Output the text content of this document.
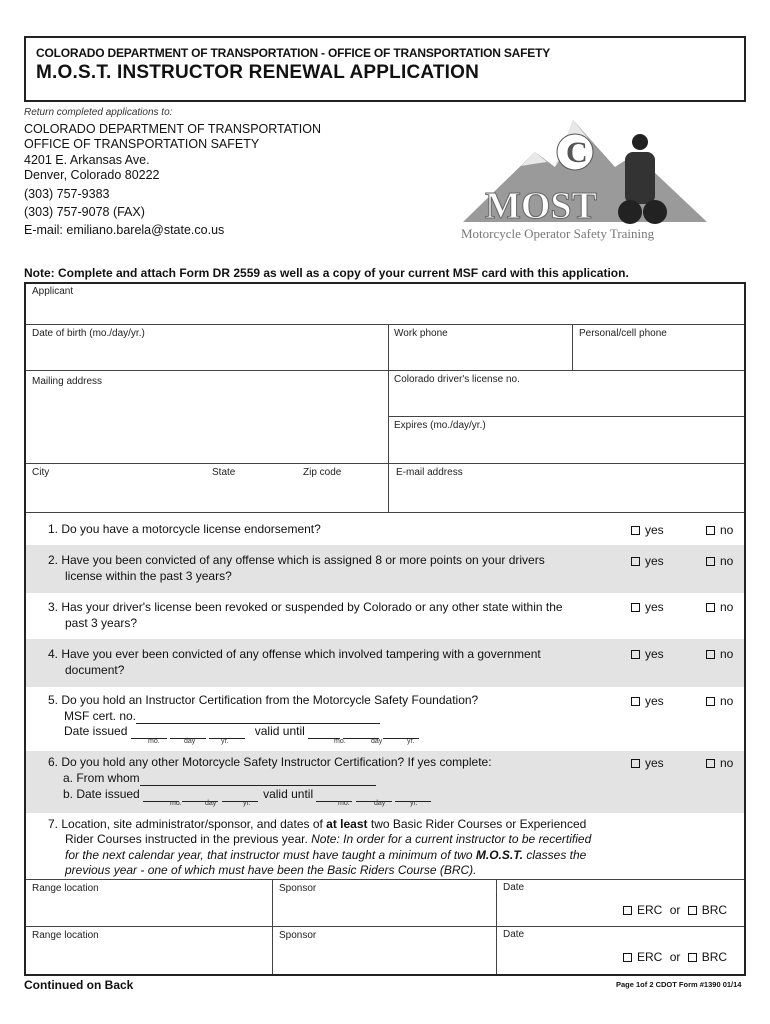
COLORADO DEPARTMENT OF TRANSPORTATION - OFFICE OF TRANSPORTATION SAFETY
M.O.S.T. INSTRUCTOR RENEWAL APPLICATION
Return completed applications to:
COLORADO DEPARTMENT OF TRANSPORTATION
OFFICE OF TRANSPORTATION SAFETY
4201 E. Arkansas Ave.
Denver, Colorado 80222
(303) 757-9383
(303) 757-9078 (FAX)
E-mail: emiliano.barela@state.co.us
C
MOST
Motorcycle Operator Safety Training
Note: Complete and attach Form DR 2559 as well as a copy of your current MSF card with this application.
Applicant
Date of birth (mo./day/yr.)	Work phone	Personal/cell phone
Mailing address	Colorado driver's license no.
Expires (mo./day/yr.)
City	State	Zip code	E-mail address
1. Do you have a motorcycle license endorsement?
2. Have you been convicted of any offense which is assigned 8 or more points on your drivers
license within the past 3 years?
3. Has your driver's license been revoked or suspended by Colorado or any other state within the
past 3 years?
4. Have you ever been convicted of any offense which involved tampering with a government
document?
5. Do you hold an Instructor Certification from the Motorcycle Safety Foundation?
MSF cert. no.
Date issued	valid until
mo.	day	yr.	mo.	day	yr.
6. Do you hold any other Motorcycle Safety Instructor Certification? If yes complete:
a. From whom
b. Date issued	valid until
mo.	day	yr.	mo.	day	yr.
yes	no
yes	no
yes	no
yes	no
yes	no
yes	no
7. Location, site administrator/sponsor, and dates of at least two Basic Rider Courses or Experienced
Rider Courses instructed in the previous year. Note: In order for a current instructor to be recertified
for the next calendar year, that instructor must have taught a minimum of two M.O.S.T. classes the
previous year - one of which must have been the Basic Riders Course (BRC).
Range location	Sponsor	Date
ERC or BRC
Range location	Sponsor	Date
ERC or BRC
Continued on Back	Page 1of 2 CDOT Form #1390 01/14
